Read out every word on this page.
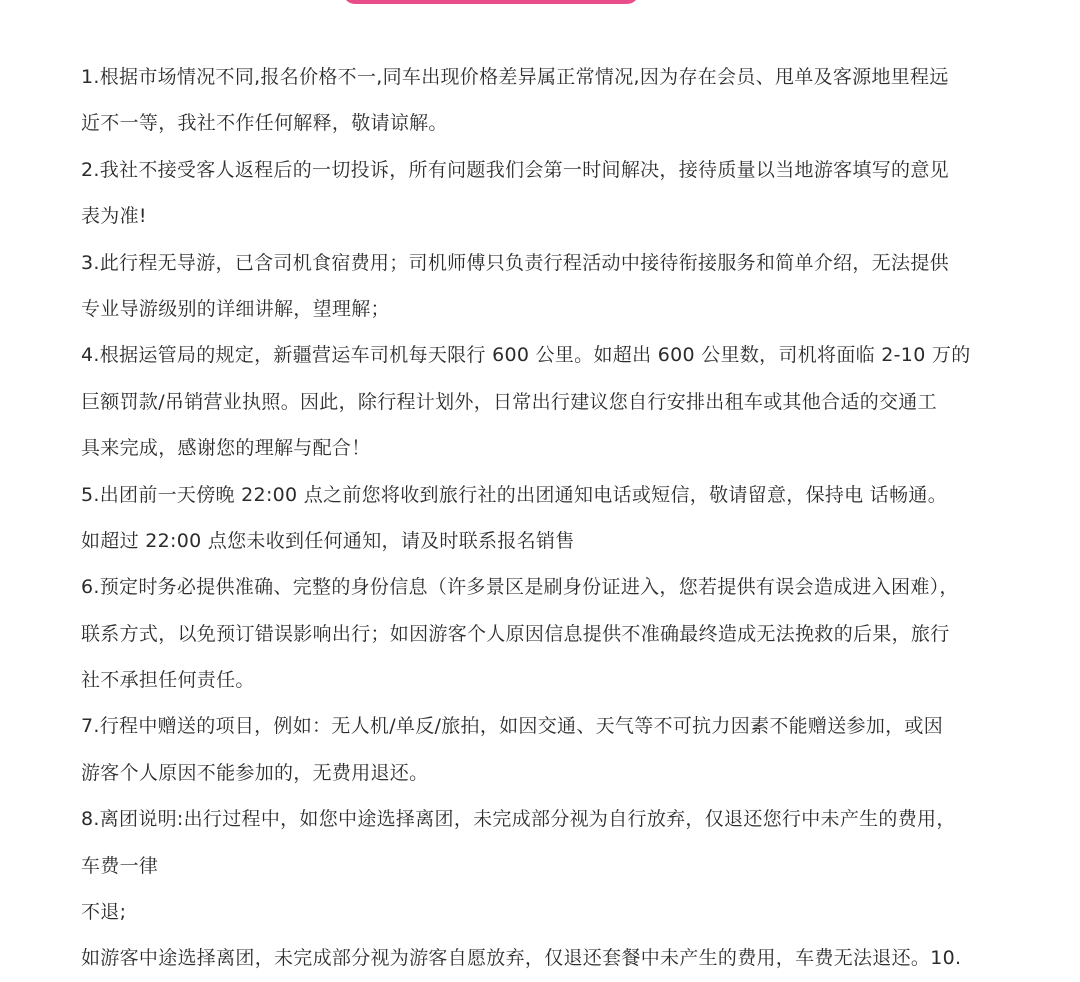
1.根据市场情况不同,报名价格不一,同车出现价格差异属正常情况,因为存在会员、甩单及客源地里程远
近不一等，我社不作任何解释，敬请谅解。
2.我社不接受客人返程后的一切投诉，所有问题我们会第一时间解决，接待质量以当地游客填写的意见
表为准!
3.此行程无导游，已含司机食宿费用；司机师傅只负责行程活动中接待衔接服务和简单介绍，无法提供
专业导游级别的详细讲解，望理解；
4.根据运管局的规定，新疆营运车司机每天限行 600 公里。如超出 600 公里数，司机将面临 2-10 万的
巨额罚款/吊销营业执照。因此，除行程计划外，日常出行建议您自行安排出租车或其他合适的交通工
具来完成，感谢您的理解与配合！
5.出团前一天傍晚 22:00 点之前您将收到旅行社的出团通知电话或短信，敬请留意，保持电 话畅通。
如超过 22:00 点您未收到任何通知，请及时联系报名销售
6.预定时务必提供准确、完整的身份信息（许多景区是刷身份证进入，您若提供有误会造成进入困难），
联系方式，以免预订错误影响出行；如因游客个人原因信息提供不准确最终造成无法挽救的后果，旅行
社不承担任何责任。
7.行程中赠送的项目，例如：无人机/单反/旅拍，如因交通、天气等不可抗力因素不能赠送参加，或因
游客个人原因不能参加的，无费用退还。
8.离团说明:出行过程中，如您中途选择离团，未完成部分视为自行放弃，仅退还您行中未产生的费用，
车费一律
不退;
如游客中途选择离团，未完成部分视为游客自愿放弃，仅退还套餐中未产生的费用，车费无法退还。10.
